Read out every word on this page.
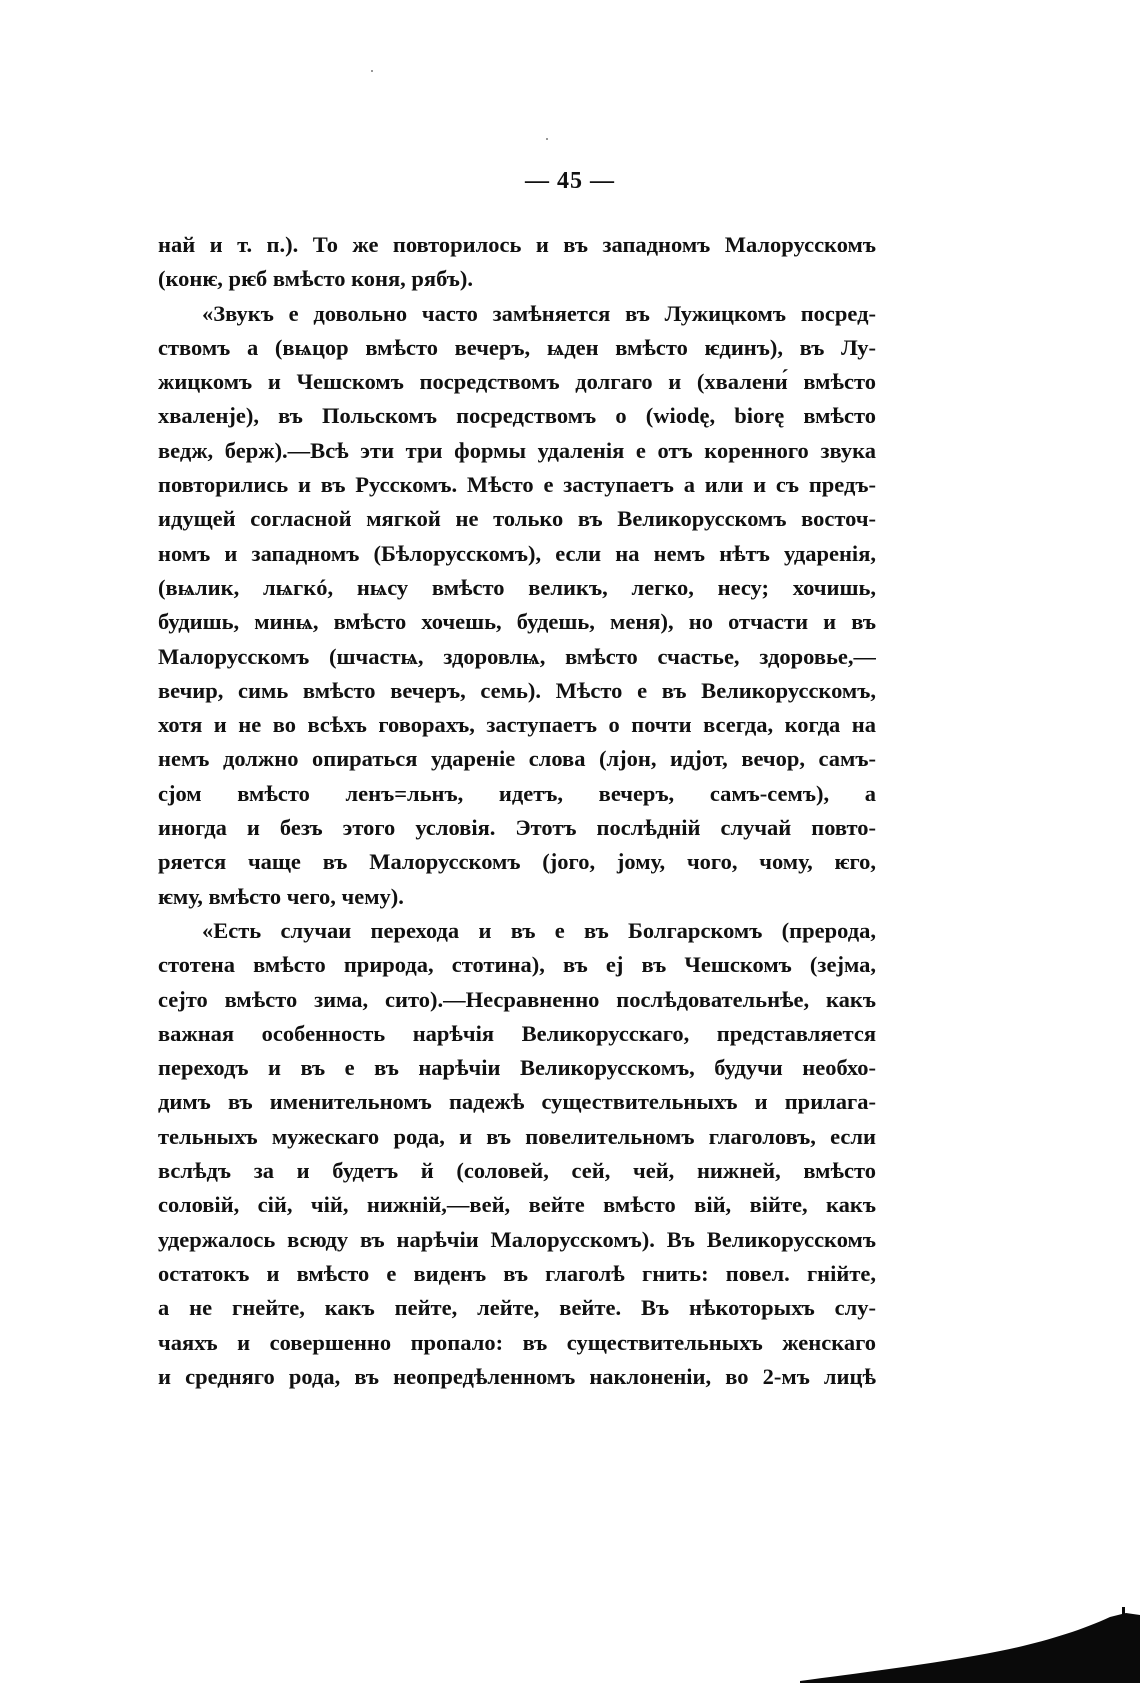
— 45 —
най и т. п.). То же повторилось и въ западномъ Малорусскомъ
(конѥ, рѥб вмѣсто коня, рябъ).
«Звукъ е довольно часто замѣняется въ Лужицкомъ посред-
ствомъ а (вѩцор вмѣсто вечеръ, ѩден вмѣсто ѥдинъ), въ Лу-
жицкомъ и Чешскомъ посредствомъ долгаго и (хвалени́ вмѣсто
хваленје), въ Польскомъ посредствомъ о (wiodę, biorę вмѣсто
ведж, берж).—Всѣ эти три формы удаленія е отъ коренного звука
повторились и въ Русскомъ. Мѣсто е заступаетъ а или и съ предъ-
идущей согласной мягкой не только въ Великорусскомъ восточ-
номъ и западномъ (Бѣлорусскомъ), если на немъ нѣтъ ударенія,
(вѩлик, лѩгкó, нѩсу вмѣсто великъ, легко, несу; хочишь,
будишь, минѩ, вмѣсто хочешь, будешь, меня), но отчасти и въ
Малорусскомъ (шчастѩ, здоровлѩ, вмѣсто счастье, здоровье,—
вечир, симь вмѣсто вечеръ, семь). Мѣсто е въ Великорусскомъ,
хотя и не во всѣхъ говорахъ, заступаетъ о почти всегда, когда на
немъ должно опираться удареніе слова (лјон, идјот, вечор, самъ-
сјом вмѣсто ленъ=льнъ, идетъ, вечеръ, самъ-семъ), а
иногда и безъ этого условія. Этотъ послѣдній случай повто-
ряется чаще въ Малорусскомъ (јого, јому, чого, чому, ѥго,
ѥму, вмѣсто чего, чему).
«Есть случаи перехода и въ е въ Болгарскомъ (прерода,
стотена вмѣсто природа, стотина), въ еј въ Чешскомъ (зејма,
сејто вмѣсто зима, сито).—Несравненно послѣдовательнѣе, какъ
важная особенность нарѣчія Великорусскаго, представляется
переходъ и въ е въ нарѣчіи Великорусскомъ, будучи необхо-
димъ въ именительномъ падежѣ существительныхъ и прилага-
тельныхъ мужескаго рода, и въ повелительномъ глаголовъ, если
вслѣдъ за и будетъ й (соловей, сей, чей, нижней, вмѣсто
соловій, сій, чій, нижній,—вей, вейте вмѣсто вій, війте, какъ
удержалось всюду въ нарѣчіи Малорусскомъ). Въ Великорусскомъ
остатокъ и вмѣсто е виденъ въ глаголѣ гнить: повел. гнійте,
а не гнейте, какъ пейте, лейте, вейте. Въ нѣкоторыхъ слу-
чаяхъ и совершенно пропало: въ существительныхъ женскаго
и средняго рода, въ неопредѣленномъ наклоненіи, во 2-мъ лицѣ
